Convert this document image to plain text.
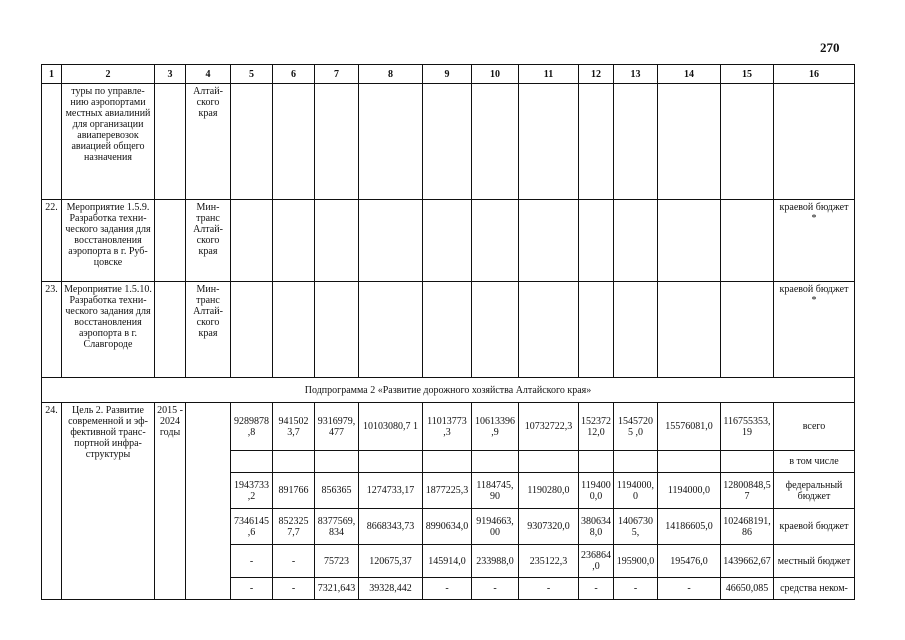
270
1	2	3	4	5	6	7	8	9	10	11	12	13	14	15	16
	туры по управле-нию аэропортами местных авиалиний для организации авиаперевозок авиацией общего назначения		Алтай-ского края												
22.	Мероприятие 1.5.9. Разработка техни-ческого задания для восстановления аэропорта в г. Руб-цовске		Мин-транс Алтай-ского края												краевой бюджет *
23.	Мероприятие 1.5.10. Разработка техни-ческого задания для восстановления аэропорта в г. Славгороде		Мин-транс Алтай-ского края												краевой бюджет *
Подпрограмма 2 «Развитие дорожного хозяйства Алтайского края»															
24.	Цель 2. Развитие современной и эф-фективной транс-портной инфра-структуры	2015 - 2024 годы		9289878,8	941502 3,7	9316979,477	10103080,7 1	11013773 ,3	10613396 ,9	10732722,3	152372 12,0	15457205 ,0	15576081,0	116755353,19	всего
															в том числе
				1943733,2	891766	856365	1274733,17	1877225,3	1184745,90	1190280,0	119400 0,0	1194000,0	1194000,0	12800848,5 7	федеральный бюджет
				7346145,6	852325 7,7	8377569,834	8668343,73	8990634,0	9194663,00	9307320,0	380634 8,0	14067305,	14186605,0	102468191,86	краевой бюджет
				-	-	75723	120675,37	145914,0	233988,0	235122,3	236864,0	195900,0	195476,0	1439662,67	местный бюджет
				-	-	7321,643	39328,442	-	-	-	-	-	-	46650,085	средства неком-
